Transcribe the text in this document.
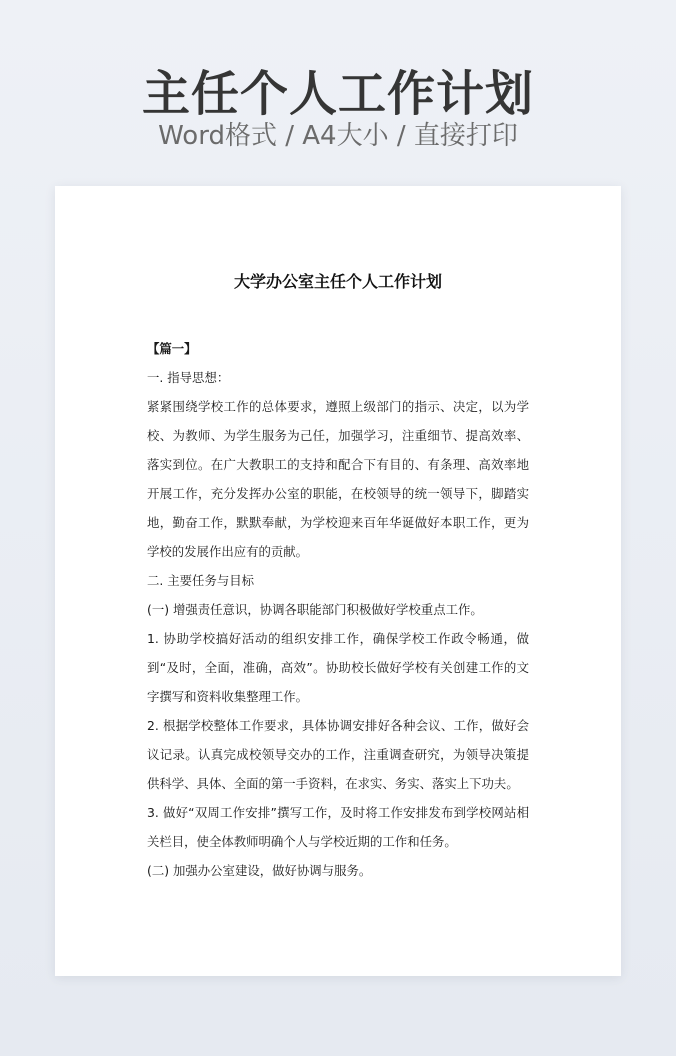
主任个人工作计划
Word格式 / A4大小 / 直接打印
大学办公室主任个人工作计划

【篇一】

一. 指导思想：

紧紧围绕学校工作的总体要求，遵照上级部门的指示、决定，以为学校、为教师、为学生服务为己任，加强学习，注重细节、提高效率、落实到位。在广大教职工的支持和配合下有目的、有条理、高效率地开展工作，充分发挥办公室的职能，在校领导的统一领导下，脚踏实地，勤奋工作，默默奉献，为学校迎来百年华诞做好本职工作，更为学校的发展作出应有的贡献。

二. 主要任务与目标

(一) 增强责任意识，协调各职能部门积极做好学校重点工作。

1. 协助学校搞好活动的组织安排工作，确保学校工作政令畅通，做到“及时，全面，准确，高效”。协助校长做好学校有关创建工作的文字撰写和资料收集整理工作。

2. 根据学校整体工作要求，具体协调安排好各种会议、工作，做好会议记录。认真完成校领导交办的工作，注重调查研究，为领导决策提供科学、具体、全面的第一手资料，在求实、务实、落实上下功夫。

3. 做好“双周工作安排”撰写工作，及时将工作安排发布到学校网站相关栏目，使全体教师明确个人与学校近期的工作和任务。

(二) 加强办公室建设，做好协调与服务。
